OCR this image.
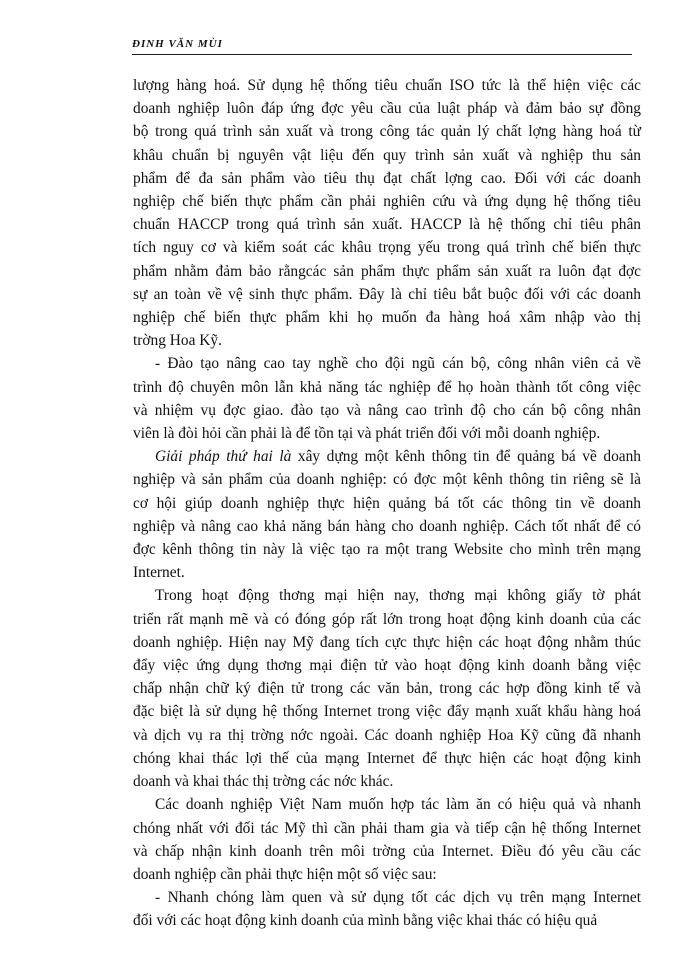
ĐINH VĂN MÙI

lượng hàng hoá. Sử dụng hệ thống tiêu chuẩn ISO tức là thể hiện việc các
doanh nghiệp luôn đáp ứng đợc yêu cầu của luật pháp và đảm bảo sự đồng
bộ trong quá trình sản xuất và trong công tác quản lý chất lợng hàng hoá từ
khâu chuẩn bị nguyên vật liệu đến quy trình sản xuất và nghiệp thu sản
phẩm để đa sản phẩm vào tiêu thụ đạt chất lợng cao. Đối với các doanh
nghiệp chế biến thực phẩm cần phải nghiên cứu và ứng dụng hệ thống tiêu
chuẩn HACCP trong quá trình sản xuất. HACCP là hệ thống chỉ tiêu phân
tích nguy cơ và kiểm soát các khâu trọng yếu trong quá trình chế biến thực
phẩm nhằm đảm bảo rằngcác sản phẩm thực phẩm sản xuất ra luôn đạt đợc
sự an toàn về vệ sinh thực phẩm. Đây là chỉ tiêu bắt buộc đối với các doanh
nghiệp chế biến thực phẩm khi họ muốn đa hàng hoá xâm nhập vào thị
trờng Hoa Kỹ.

- Đào tạo nâng cao tay nghề cho đội ngũ cán bộ, công nhân viên cả về
trình độ chuyên môn lẫn khả năng tác nghiệp để họ hoàn thành tốt công việc
và nhiệm vụ đợc giao. đào tạo và nâng cao trình độ cho cán bộ công nhân
viên là đòi hỏi cần phải là để tồn tại và phát triển đối với mỗi doanh nghiệp.

Giải pháp thứ hai là xây dựng một kênh thông tin để quảng bá về doanh
nghiệp và sản phẩm của doanh nghiệp: có đợc một kênh thông tin riêng sẽ là
cơ hội giúp doanh nghiệp thực hiện quảng bá tốt các thông tin về doanh
nghiệp và nâng cao khả năng bán hàng cho doanh nghiệp. Cách tốt nhất để có
đợc kênh thông tin này là việc tạo ra một trang Website cho mình trên mạng
Internet.

Trong hoạt động thơng mại hiện nay, thơng mại không giấy tờ phát
triển rất mạnh mẽ và có đóng góp rất lớn trong hoạt động kinh doanh của các
doanh nghiệp. Hiện nay Mỹ đang tích cực thực hiện các hoạt động nhằm thúc
đẩy việc ứng dụng thơng mại điện tử vào hoạt động kinh doanh bằng việc
chấp nhận chữ ký điện tử trong các văn bản, trong các hợp đồng kinh tế và
đặc biệt là sử dụng hệ thống Internet trong việc đẩy mạnh xuất khẩu hàng hoá
và dịch vụ ra thị trờng nớc ngoài. Các doanh nghiệp Hoa Kỹ cũng đã nhanh
chóng khai thác lợi thế của mạng Internet để thực hiện các hoạt động kinh
doanh và khai thác thị trờng các nớc khác.

Các doanh nghiệp Việt Nam muốn hợp tác làm ăn có hiệu quả và nhanh
chóng nhất với đối tác Mỹ thì cần phải tham gia và tiếp cận hệ thống Internet
và chấp nhận kinh doanh trên môi trờng của Internet. Điều đó yêu cầu các
doanh nghiệp cần phải thực hiện một số việc sau:

- Nhanh chóng làm quen và sử dụng tốt các dịch vụ trên mạng Internet
đối với các hoạt động kinh doanh của mình bằng việc khai thác có hiệu quả
